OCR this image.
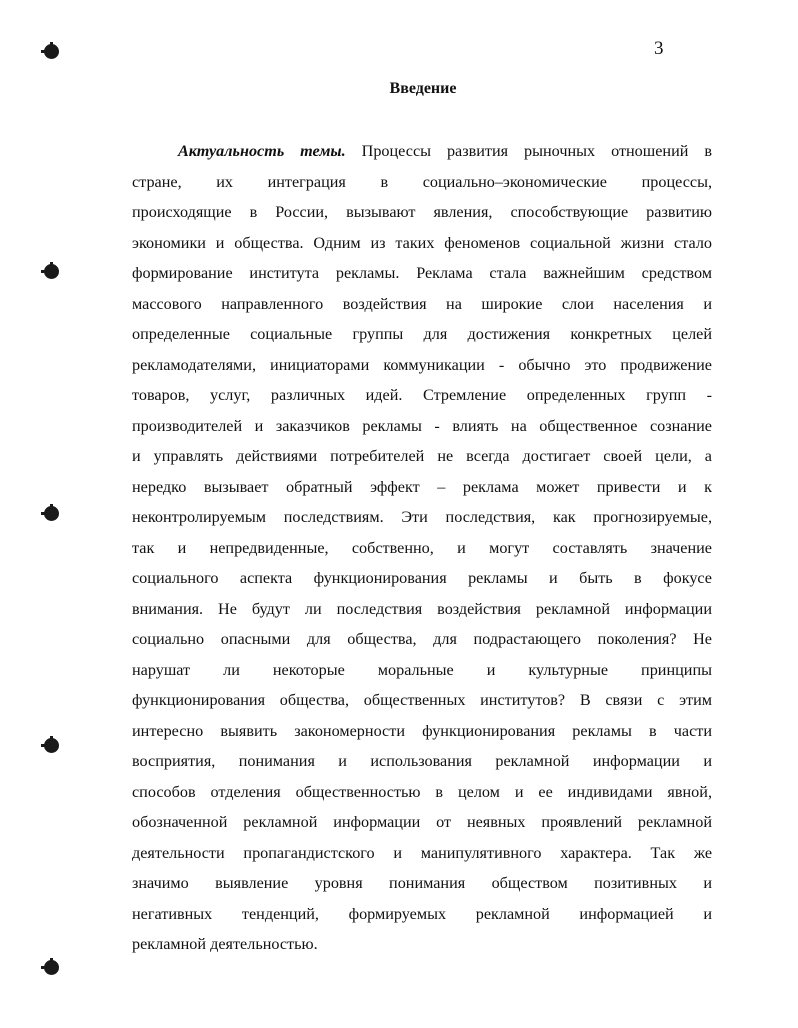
3
Введение
Актуальность темы. Процессы развития рыночных отношений в
стране, их интеграция в социально–экономические процессы,
происходящие в России, вызывают явления, способствующие развитию
экономики и общества. Одним из таких феноменов социальной жизни стало
формирование института рекламы. Реклама стала важнейшим средством
массового направленного воздействия на широкие слои населения и
определенные социальные группы для достижения конкретных целей
рекламодателями, инициаторами коммуникации - обычно это продвижение
товаров, услуг, различных идей. Стремление определенных групп -
производителей и заказчиков рекламы - влиять на общественное сознание
и управлять действиями потребителей не всегда достигает своей цели, а
нередко вызывает обратный эффект – реклама может привести и к
неконтролируемым последствиям. Эти последствия, как прогнозируемые,
так и непредвиденные, собственно, и могут составлять значение
социального аспекта функционирования рекламы и быть в фокусе
внимания. Не будут ли последствия воздействия рекламной информации
социально опасными для общества, для подрастающего поколения? Не
нарушат ли некоторые моральные и культурные принципы
функционирования общества, общественных институтов? В связи с этим
интересно выявить закономерности функционирования рекламы в части
восприятия, понимания и использования рекламной информации и
способов отделения общественностью в целом и ее индивидами явной,
обозначенной рекламной информации от неявных проявлений рекламной
деятельности пропагандистского и манипулятивного характера. Так же
значимо выявление уровня понимания обществом позитивных и
негативных тенденций, формируемых рекламной информацией и
рекламной деятельностью.
